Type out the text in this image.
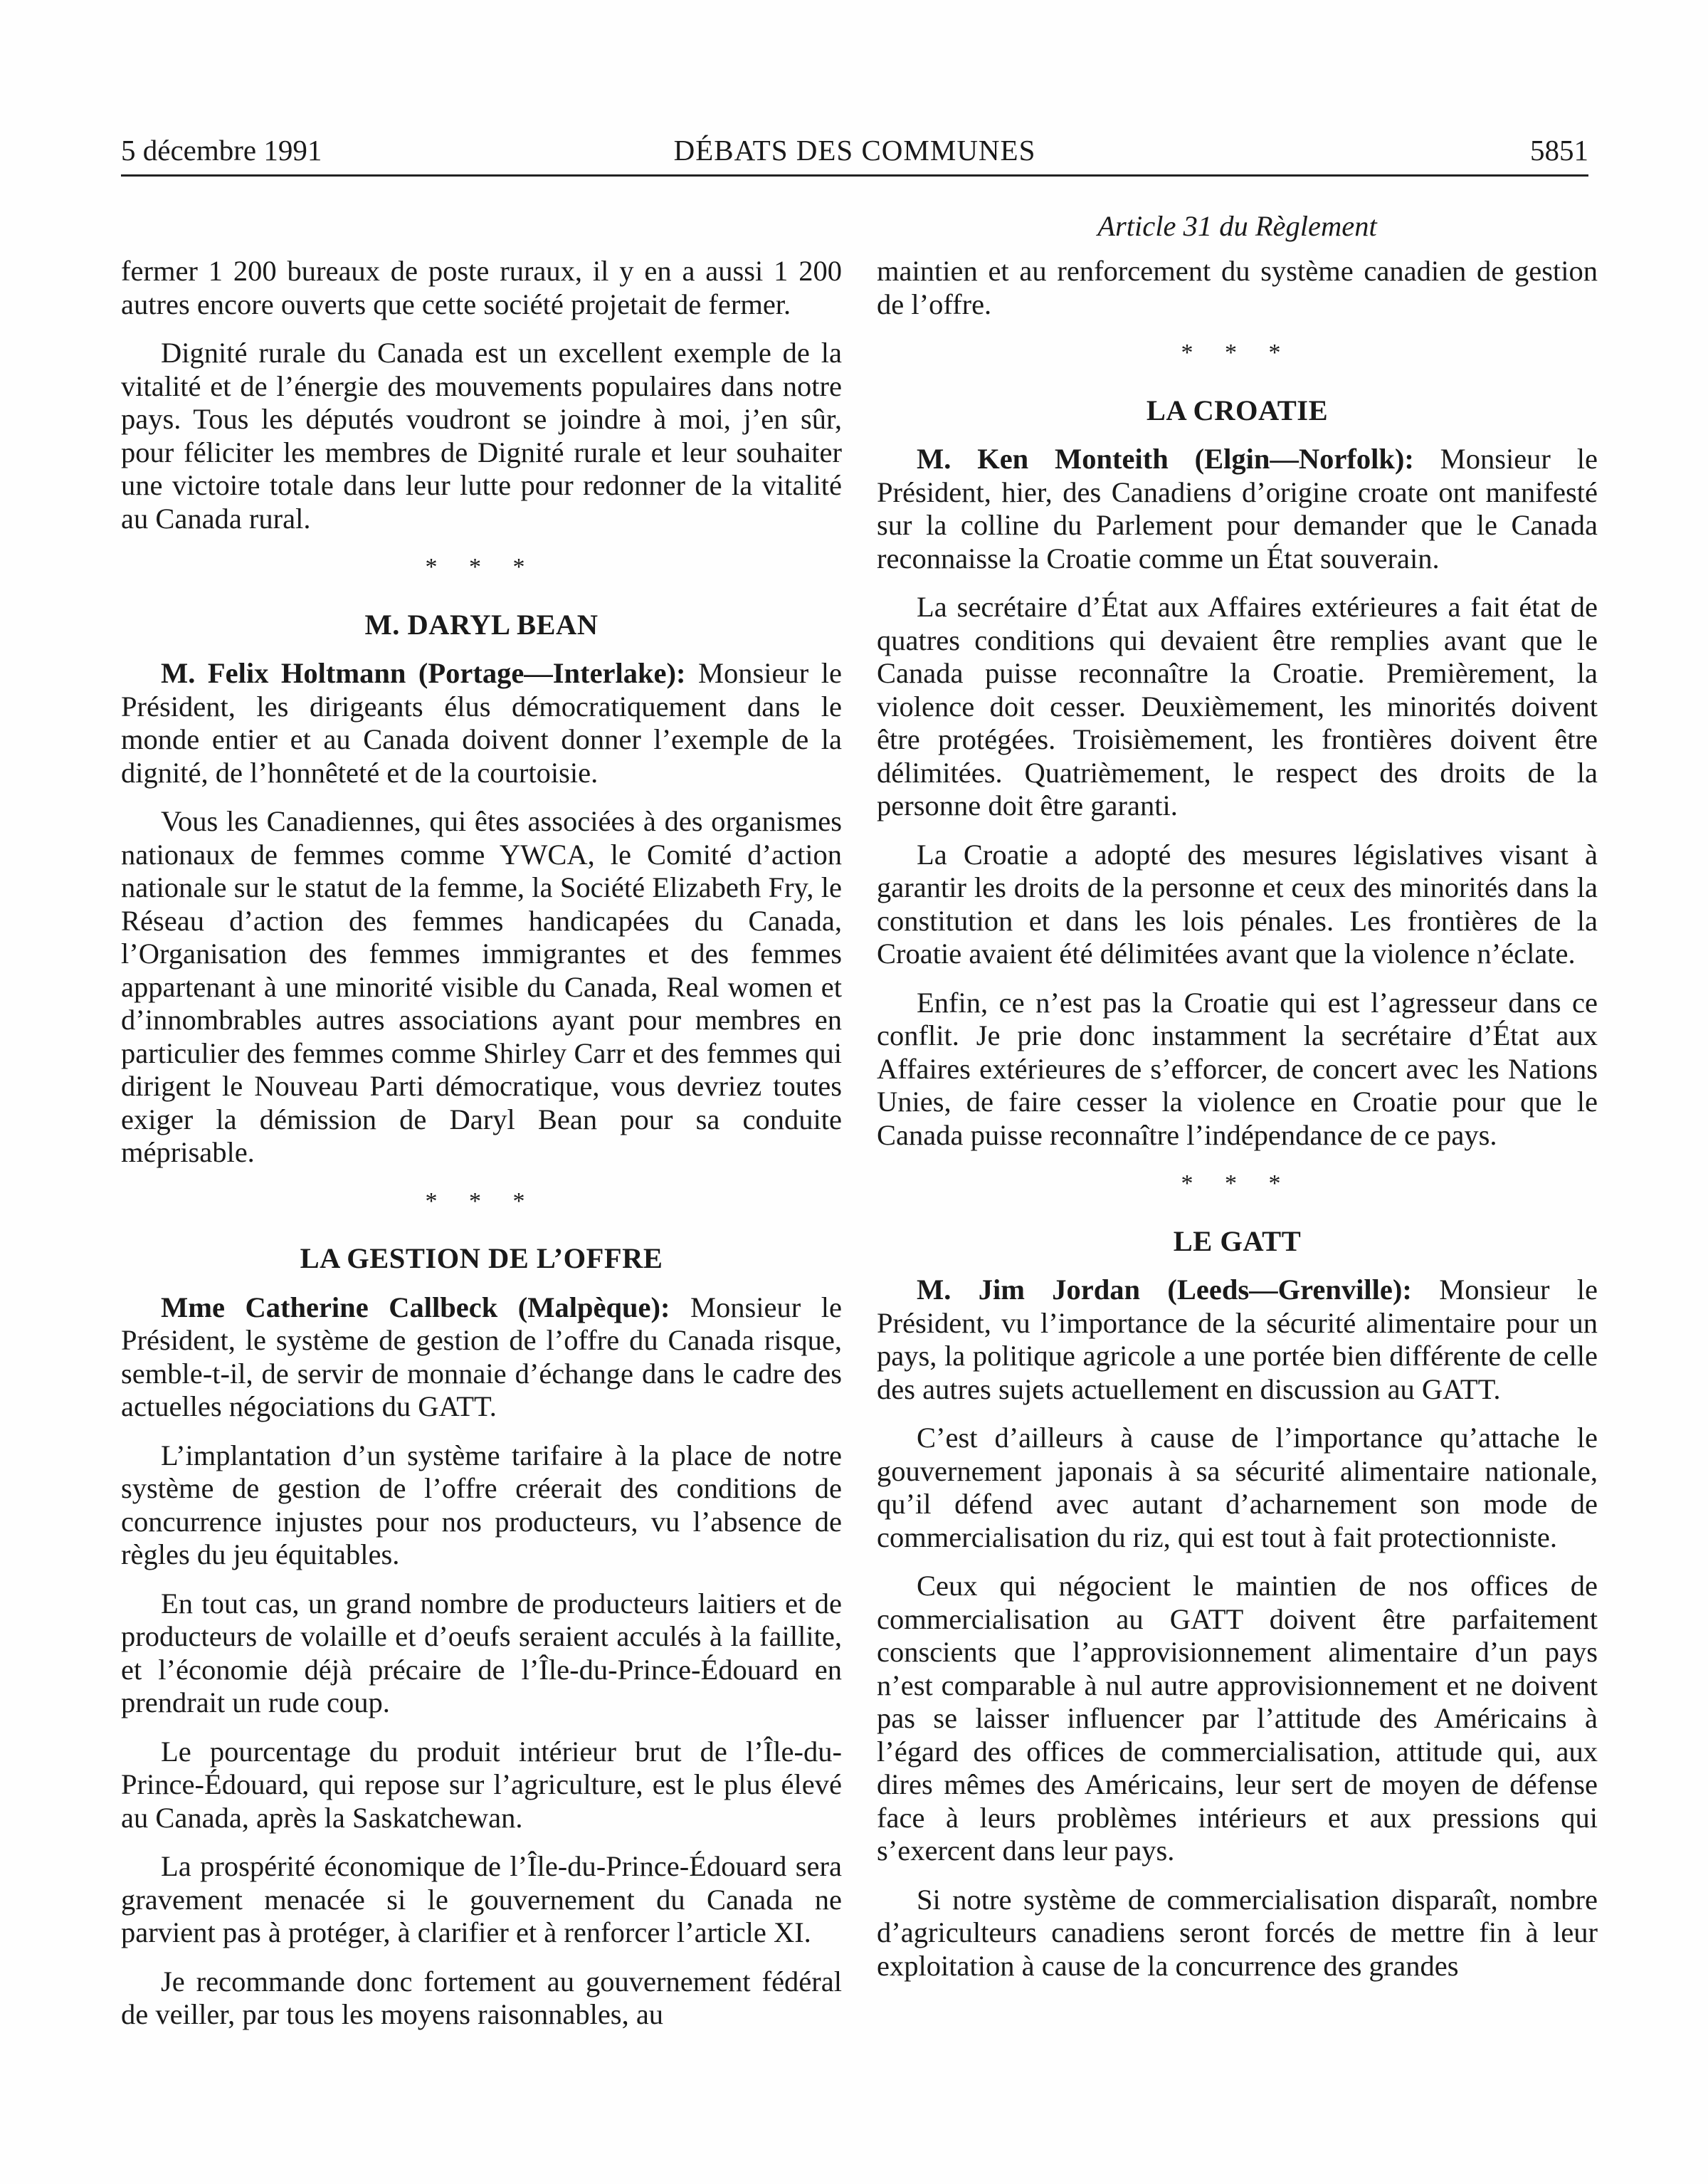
5 décembre 1991	DÉBATS DES COMMUNES	5851
Article 31 du Règlement

fermer 1 200 bureaux de poste ruraux, il y en a aussi 1 200 autres encore ouverts que cette société projetait de fermer.

Dignité rurale du Canada est un excellent exemple de la vitalité et de l’énergie des mouvements populaires dans notre pays. Tous les députés voudront se joindre à moi, j’en sûr, pour féliciter les membres de Dignité rurale et leur souhaiter une victoire totale dans leur lutte pour redonner de la vitalité au Canada rural.

* * *
M. DARYL BEAN

M. Felix Holtmann (Portage—Interlake): Monsieur le Président, les dirigeants élus démocratiquement dans le monde entier et au Canada doivent donner l’exemple de la dignité, de l’honnêteté et de la courtoisie.

Vous les Canadiennes, qui êtes associées à des organismes nationaux de femmes comme YWCA, le Comité d’action nationale sur le statut de la femme, la Société Elizabeth Fry, le Réseau d’action des femmes handicapées du Canada, l’Organisation des femmes immigrantes et des femmes appartenant à une minorité visible du Canada, Real women et d’innombrables autres associations ayant pour membres en particulier des femmes comme Shirley Carr et des femmes qui dirigent le Nouveau Parti démocratique, vous devriez toutes exiger la démission de Daryl Bean pour sa conduite méprisable.

* * *
LA GESTION DE L’OFFRE

Mme Catherine Callbeck (Malpèque): Monsieur le Président, le système de gestion de l’offre du Canada risque, semble-t-il, de servir de monnaie d’échange dans le cadre des actuelles négociations du GATT.

L’implantation d’un système tarifaire à la place de notre système de gestion de l’offre créerait des conditions de concurrence injustes pour nos producteurs, vu l’absence de règles du jeu équitables.

En tout cas, un grand nombre de producteurs laitiers et de producteurs de volaille et d’oeufs seraient acculés à la faillite, et l’économie déjà précaire de l’Île-du-Prince-Édouard en prendrait un rude coup.

Le pourcentage du produit intérieur brut de l’Île-du-Prince-Édouard, qui repose sur l’agriculture, est le plus élevé au Canada, après la Saskatchewan.

La prospérité économique de l’Île-du-Prince-Édouard sera gravement menacée si le gouvernement du Canada ne parvient pas à protéger, à clarifier et à renforcer l’article XI.

Je recommande donc fortement au gouvernement fédéral de veiller, par tous les moyens raisonnables, au

maintien et au renforcement du système canadien de gestion de l’offre.

* * *
LA CROATIE

M. Ken Monteith (Elgin—Norfolk): Monsieur le Président, hier, des Canadiens d’origine croate ont manifesté sur la colline du Parlement pour demander que le Canada reconnaisse la Croatie comme un État souverain.

La secrétaire d’État aux Affaires extérieures a fait état de quatres conditions qui devaient être remplies avant que le Canada puisse reconnaître la Croatie. Premièrement, la violence doit cesser. Deuxièmement, les minorités doivent être protégées. Troisièmement, les frontières doivent être délimitées. Quatrièmement, le respect des droits de la personne doit être garanti.

La Croatie a adopté des mesures législatives visant à garantir les droits de la personne et ceux des minorités dans la constitution et dans les lois pénales. Les frontières de la Croatie avaient été délimitées avant que la violence n’éclate.

Enfin, ce n’est pas la Croatie qui est l’agresseur dans ce conflit. Je prie donc instamment la secrétaire d’État aux Affaires extérieures de s’efforcer, de concert avec les Nations Unies, de faire cesser la violence en Croatie pour que le Canada puisse reconnaître l’indépendance de ce pays.

* * *
LE GATT

M. Jim Jordan (Leeds—Grenville): Monsieur le Président, vu l’importance de la sécurité alimentaire pour un pays, la politique agricole a une portée bien différente de celle des autres sujets actuellement en discussion au GATT.

C’est d’ailleurs à cause de l’importance qu’attache le gouvernement japonais à sa sécurité alimentaire nationale, qu’il défend avec autant d’acharnement son mode de commercialisation du riz, qui est tout à fait protectionniste.

Ceux qui négocient le maintien de nos offices de commercialisation au GATT doivent être parfaitement conscients que l’approvisionnement alimentaire d’un pays n’est comparable à nul autre approvisionnement et ne doivent pas se laisser influencer par l’attitude des Américains à l’égard des offices de commercialisation, attitude qui, aux dires mêmes des Américains, leur sert de moyen de défense face à leurs problèmes intérieurs et aux pressions qui s’exercent dans leur pays.

Si notre système de commercialisation disparaît, nombre d’agriculteurs canadiens seront forcés de mettre fin à leur exploitation à cause de la concurrence des grandes
